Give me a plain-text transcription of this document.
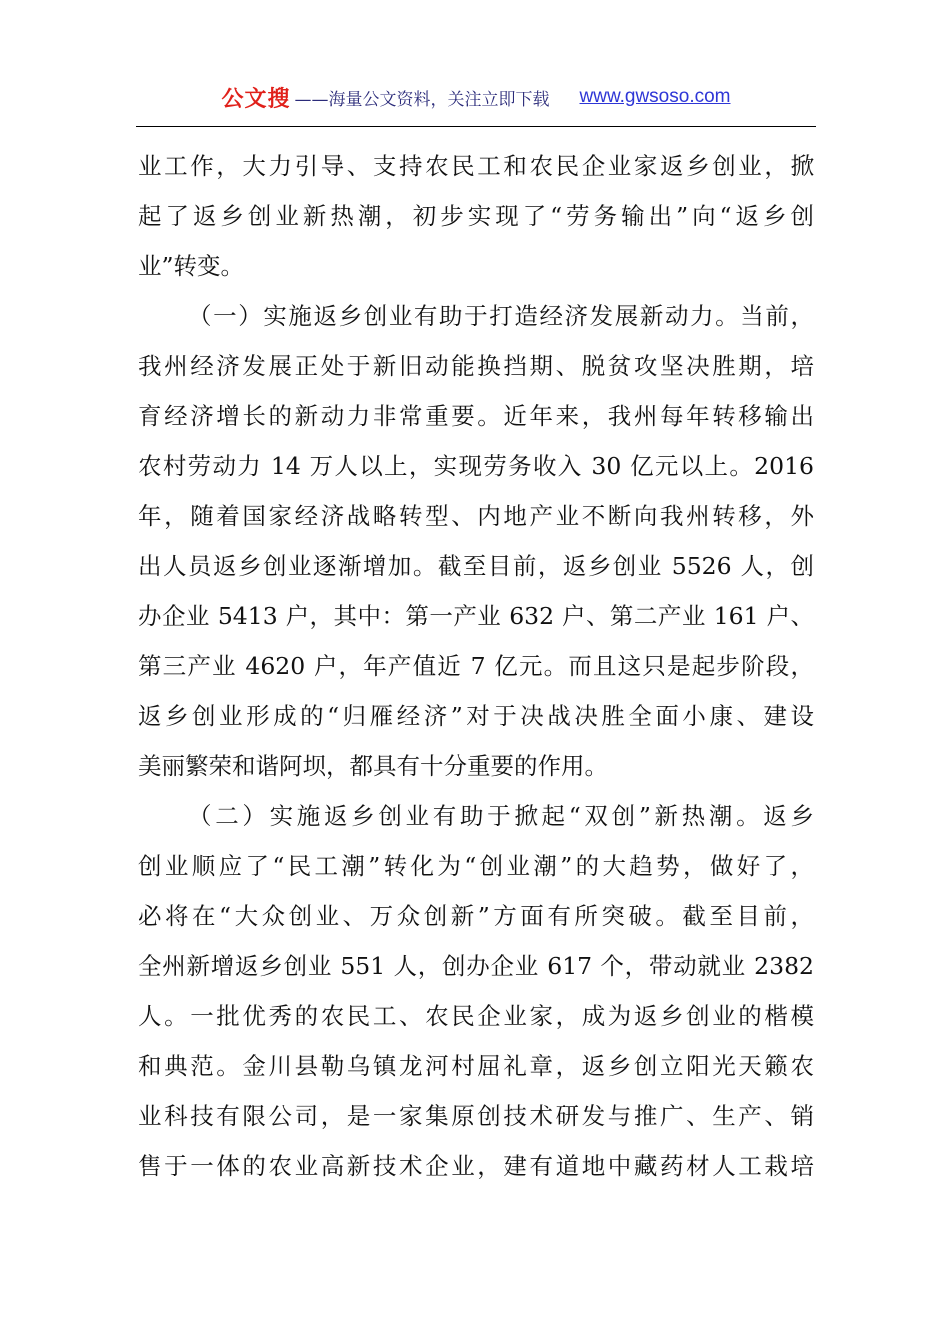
公文搜 ——海量公文资料，关注立即下载 www.gwsoso.com
业工作，大力引导、支持农民工和农民企业家返乡创业，掀
起了返乡创业新热潮，初步实现了“劳务输出”向“返乡创
业”转变。
（一）实施返乡创业有助于打造经济发展新动力。当前，
我州经济发展正处于新旧动能换挡期、脱贫攻坚决胜期，培
育经济增长的新动力非常重要。近年来，我州每年转移输出
农村劳动力 14 万人以上，实现劳务收入 30 亿元以上。2016
年，随着国家经济战略转型、内地产业不断向我州转移，外
出人员返乡创业逐渐增加。截至目前，返乡创业 5526 人，创
办企业 5413 户，其中：第一产业 632 户、第二产业 161 户、
第三产业 4620 户，年产值近 7 亿元。而且这只是起步阶段，
返乡创业形成的“归雁经济”对于决战决胜全面小康、建设
美丽繁荣和谐阿坝，都具有十分重要的作用。
（二）实施返乡创业有助于掀起“双创”新热潮。返乡
创业顺应了“民工潮”转化为“创业潮”的大趋势，做好了，
必将在“大众创业、万众创新”方面有所突破。截至目前，
全州新增返乡创业 551 人，创办企业 617 个，带动就业 2382
人。一批优秀的农民工、农民企业家，成为返乡创业的楷模
和典范。金川县勒乌镇龙河村屈礼章，返乡创立阳光天籁农
业科技有限公司，是一家集原创技术研发与推广、生产、销
售于一体的农业高新技术企业，建有道地中藏药材人工栽培
